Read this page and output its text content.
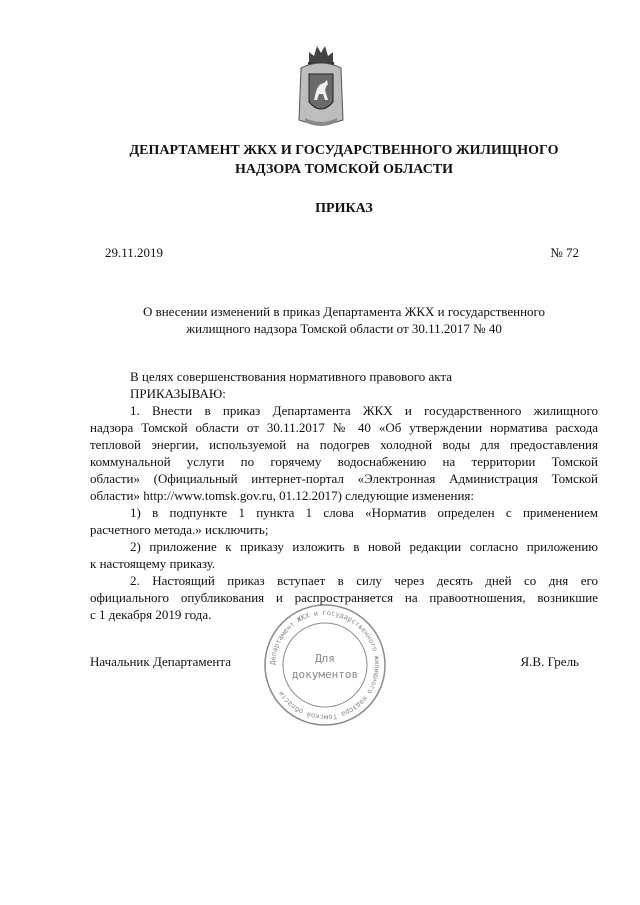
ДЕПАРТАМЕНТ ЖКХ И ГОСУДАРСТВЕННОГО ЖИЛИЩНОГО
НАДЗОРА ТОМСКОЙ ОБЛАСТИ
ПРИКАЗ
29.11.2019	№ 72
О внесении изменений в приказ Департамента ЖКХ и государственного
жилищного надзора Томской области от 30.11.2017 № 40
В целях совершенствования нормативного правового акта
ПРИКАЗЫВАЮ:
1. Внести в приказ Департамента ЖКХ и государственного жилищного
надзора Томской области от 30.11.2017 № 40 «Об утверждении норматива расхода
тепловой энергии, используемой на подогрев холодной воды для предоставления
коммунальной услуги по горячему водоснабжению на территории Томской
области» (Официальный интернет-портал «Электронная Администрация Томской
области» http://www.tomsk.gov.ru, 01.12.2017) следующие изменения:
1) в подпункте 1 пункта 1 слова «Норматив определен с применением
расчетного метода.» исключить;
2) приложение к приказу изложить в новой редакции согласно приложению
к настоящему приказу.
2. Настоящий приказ вступает в силу через десять дней со дня его
официального опубликования и распространяется на правоотношения, возникшие
с 1 декабря 2019 года.
Департамент ЖКХ и государственного жилищного надзора Томской области
Для
документов
Начальник Департамента	Я.В. Грель
